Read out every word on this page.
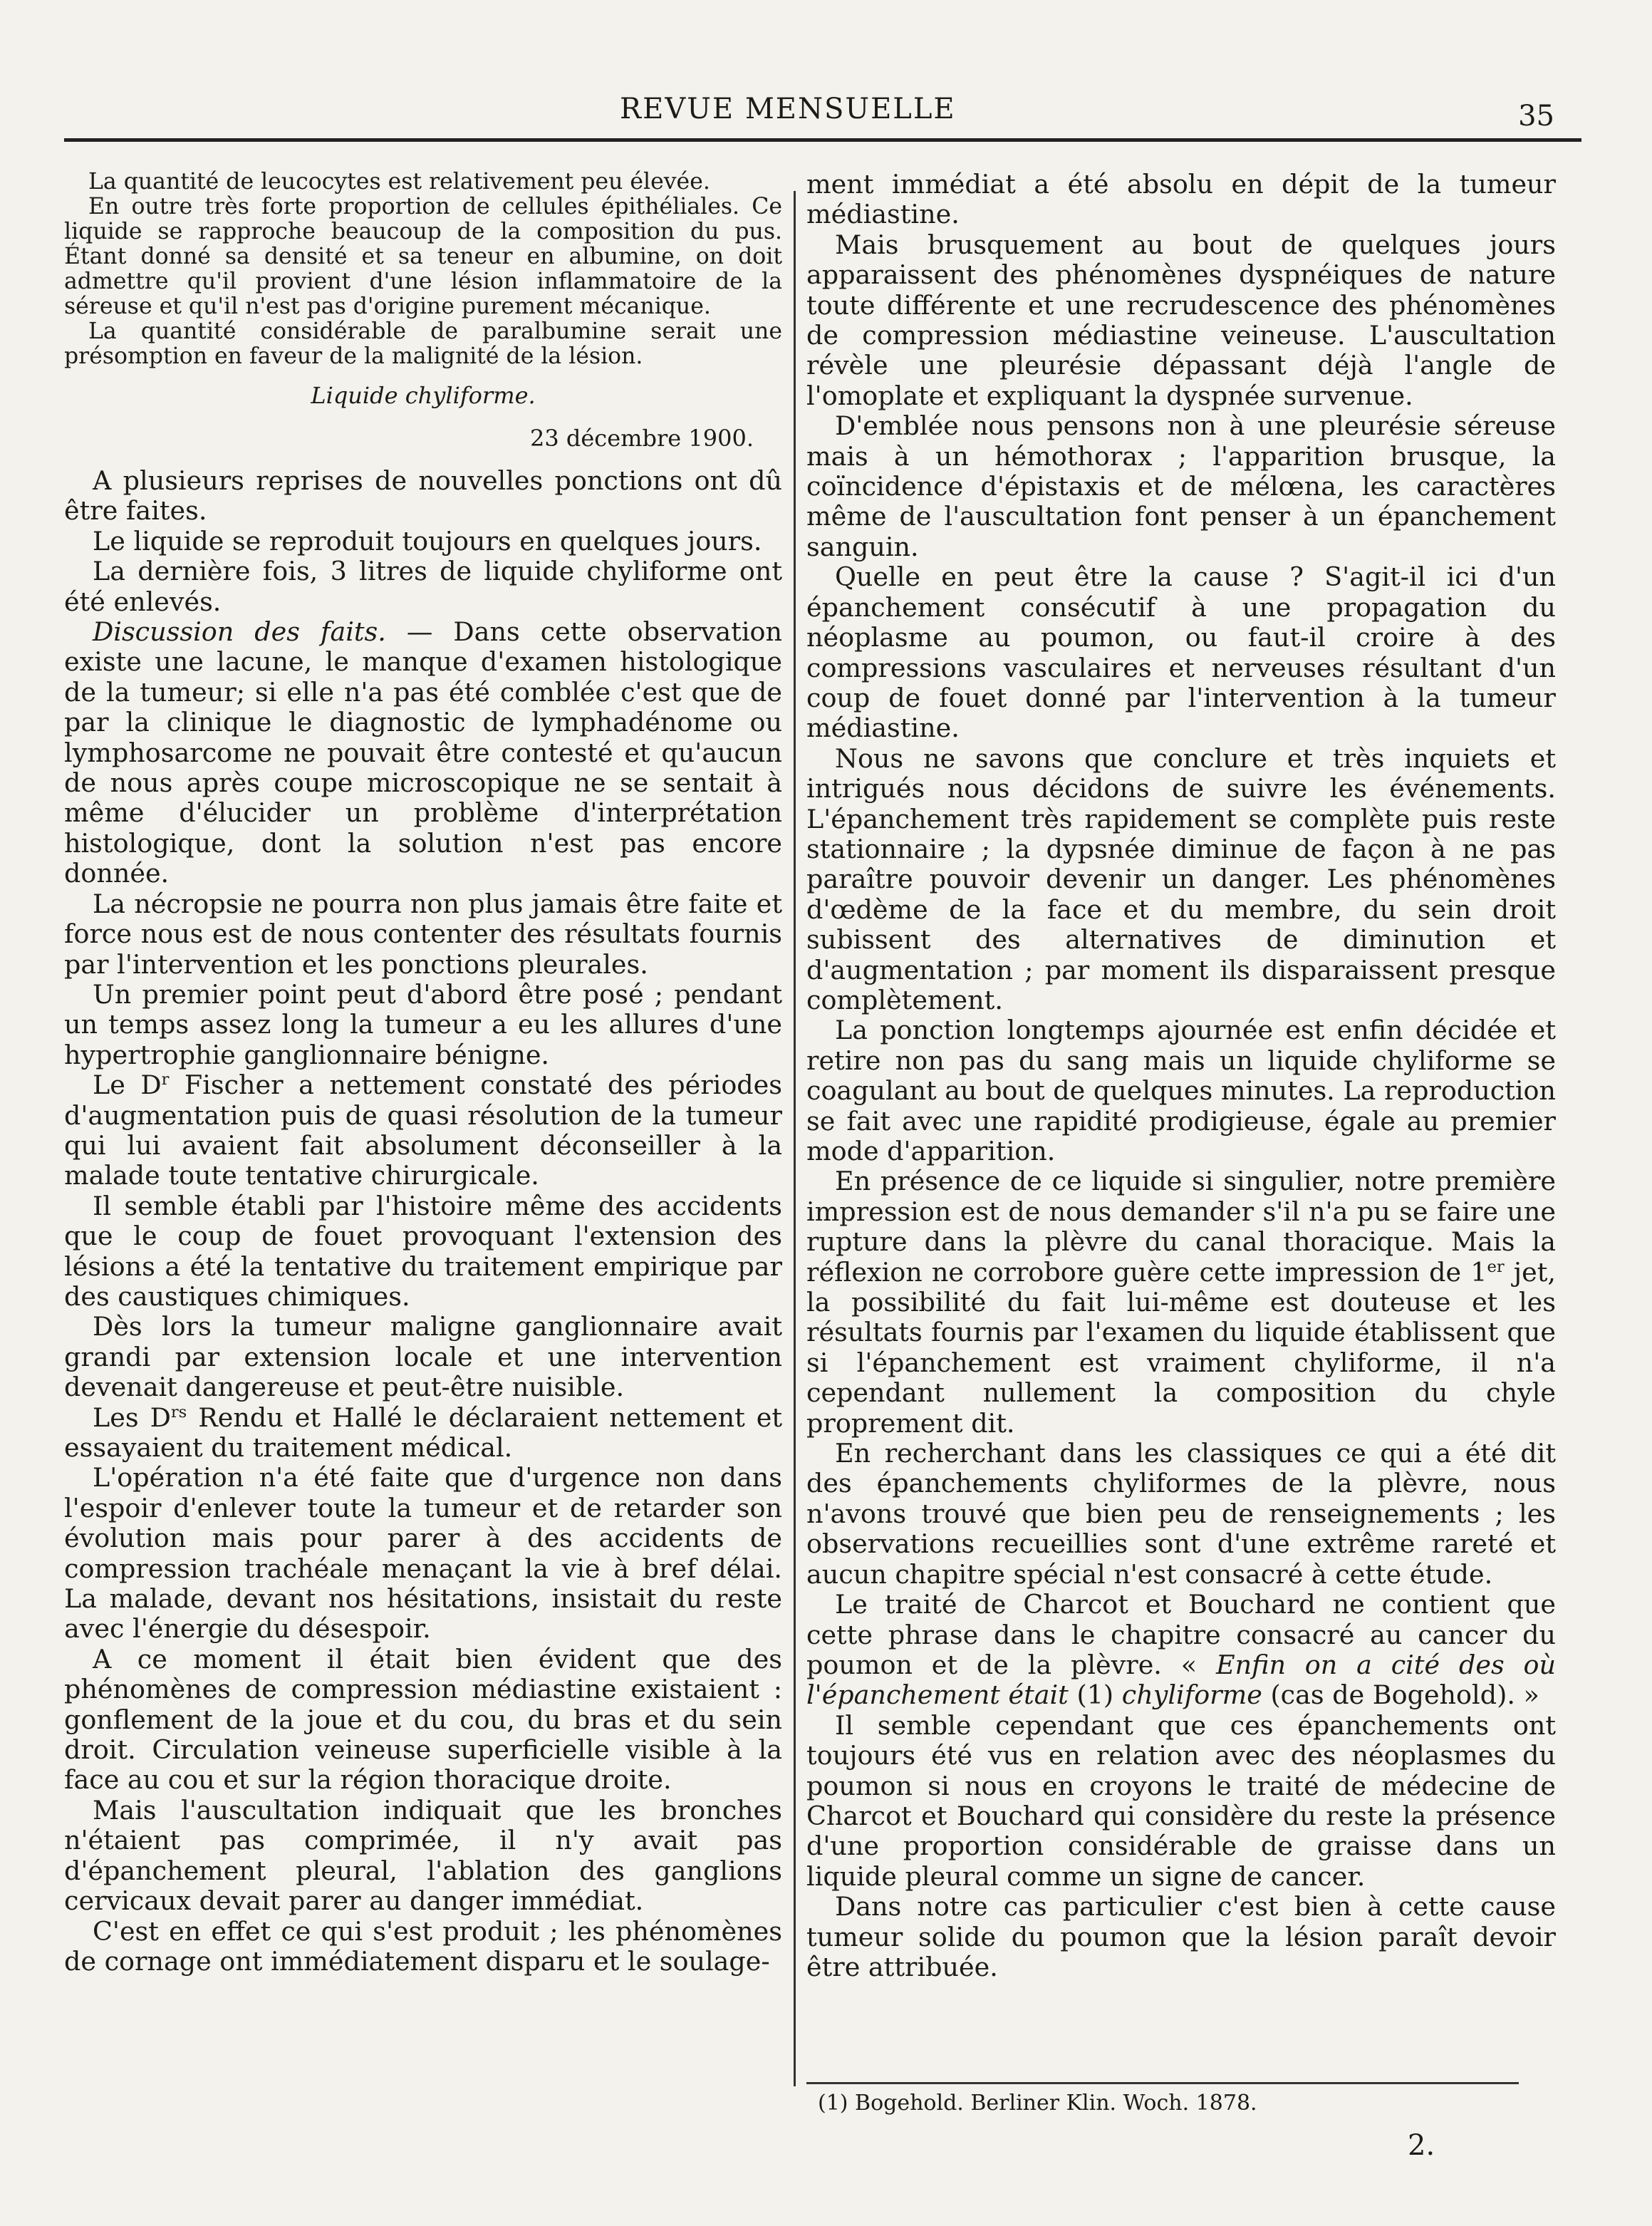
REVUE MENSUELLE	35

La quantité de leucocytes est relativement peu élevée.

En outre très forte proportion de cellules épithéliales. Ce liquide se rapproche beaucoup de la composition du pus. Étant donné sa densité et sa teneur en albumine, on doit admettre qu'il provient d'une lésion inflammatoire de la séreuse et qu'il n'est pas d'origine purement mécanique.

La quantité considérable de paralbumine serait une présomption en faveur de la malignité de la lésion.

Liquide chyliforme.

23 décembre 1900.

A plusieurs reprises de nouvelles ponctions ont dû être faites.

Le liquide se reproduit toujours en quelques jours.

La dernière fois, 3 litres de liquide chyliforme ont été enlevés.

Discussion des faits. — Dans cette observation existe une lacune, le manque d'examen histologique de la tumeur; si elle n'a pas été comblée c'est que de par la clinique le diagnostic de lymphadénome ou lymphosarcome ne pouvait être contesté et qu'aucun de nous après coupe microscopique ne se sentait à même d'élucider un problème d'interprétation histologique, dont la solution n'est pas encore donnée.

La nécropsie ne pourra non plus jamais être faite et force nous est de nous contenter des résultats fournis par l'intervention et les ponctions pleurales.

Un premier point peut d'abord être posé ; pendant un temps assez long la tumeur a eu les allures d'une hypertrophie ganglionnaire bénigne.

Le $D^r$ Fischer a nettement constaté des périodes d'augmentation puis de quasi résolution de la tumeur qui lui avaient fait absolument déconseiller à la malade toute tentative chirurgicale.

Il semble établi par l'histoire même des accidents que le coup de fouet provoquant l'extension des lésions a été la tentative du traitement empirique par des caustiques chimiques.

Dès lors la tumeur maligne ganglionnaire avait grandi par extension locale et une intervention devenait dangereuse et peut-être nuisible.

Les $D^{rs}$ Rendu et Hallé le déclaraient nettement et essayaient du traitement médical.

L'opération n'a été faite que d'urgence non dans l'espoir d'enlever toute la tumeur et de retarder son évolution mais pour parer à des accidents de compression trachéale menaçant la vie à bref délai. La malade, devant nos hésitations, insistait du reste avec l'énergie du désespoir.

A ce moment il était bien évident que des phénomènes de compression médiastine existaient : gonflement de la joue et du cou, du bras et du sein droit. Circulation veineuse superficielle visible à la face au cou et sur la région thoracique droite.

Mais l'auscultation indiquait que les bronches n'étaient pas comprimée, il n'y avait pas d'épanchement pleural, l'ablation des ganglions cervicaux devait parer au danger immédiat.

C'est en effet ce qui s'est produit ; les phénomènes de cornage ont immédiatement disparu et le soulage-

ment immédiat a été absolu en dépit de la tumeur médiastine.

Mais brusquement au bout de quelques jours apparaissent des phénomènes dyspnéiques de nature toute différente et une recrudescence des phénomènes de compression médiastine veineuse. L'auscultation révèle une pleurésie dépassant déjà l'angle de l'omoplate et expliquant la dyspnée survenue.

D'emblée nous pensons non à une pleurésie séreuse mais à un hémothorax ; l'apparition brusque, la coïncidence d'épistaxis et de mélœna, les caractères même de l'auscultation font penser à un épanchement sanguin.

Quelle en peut être la cause ? S'agit-il ici d'un épanchement consécutif à une propagation du néoplasme au poumon, ou faut-il croire à des compressions vasculaires et nerveuses résultant d'un coup de fouet donné par l'intervention à la tumeur médiastine.

Nous ne savons que conclure et très inquiets et intrigués nous décidons de suivre les événements. L'épanchement très rapidement se complète puis reste stationnaire ; la dypsnée diminue de façon à ne pas paraître pouvoir devenir un danger. Les phénomènes d'œdème de la face et du membre, du sein droit subissent des alternatives de diminution et d'augmentation ; par moment ils disparaissent presque complètement.

La ponction longtemps ajournée est enfin décidée et retire non pas du sang mais un liquide chyliforme se coagulant au bout de quelques minutes. La reproduction se fait avec une rapidité prodigieuse, égale au premier mode d'apparition.

En présence de ce liquide si singulier, notre première impression est de nous demander s'il n'a pu se faire une rupture dans la plèvre du canal thoracique. Mais la réflexion ne corrobore guère cette impression de 1er jet, la possibilité du fait lui-même est douteuse et les résultats fournis par l'examen du liquide établissent que si l'épanchement est vraiment chyliforme, il n'a cependant nullement la composition du chyle proprement dit.

En recherchant dans les classiques ce qui a été dit des épanchements chyliformes de la plèvre, nous n'avons trouvé que bien peu de renseignements ; les observations recueillies sont d'une extrême rareté et aucun chapitre spécial n'est consacré à cette étude.

Le traité de Charcot et Bouchard ne contient que cette phrase dans le chapitre consacré au cancer du poumon et de la plèvre. « Enfin on a cité des où l'épanchement était (1) chyliforme (cas de Bogehold). »

Il semble cependant que ces épanchements ont toujours été vus en relation avec des néoplasmes du poumon si nous en croyons le traité de médecine de Charcot et Bouchard qui considère du reste la présence d'une proportion considérable de graisse dans un liquide pleural comme un signe de cancer.

Dans notre cas particulier c'est bien à cette cause tumeur solide du poumon que la lésion paraît devoir être attribuée.

(1) Bogehold. Berliner Klin. Woch. 1878.
2.
